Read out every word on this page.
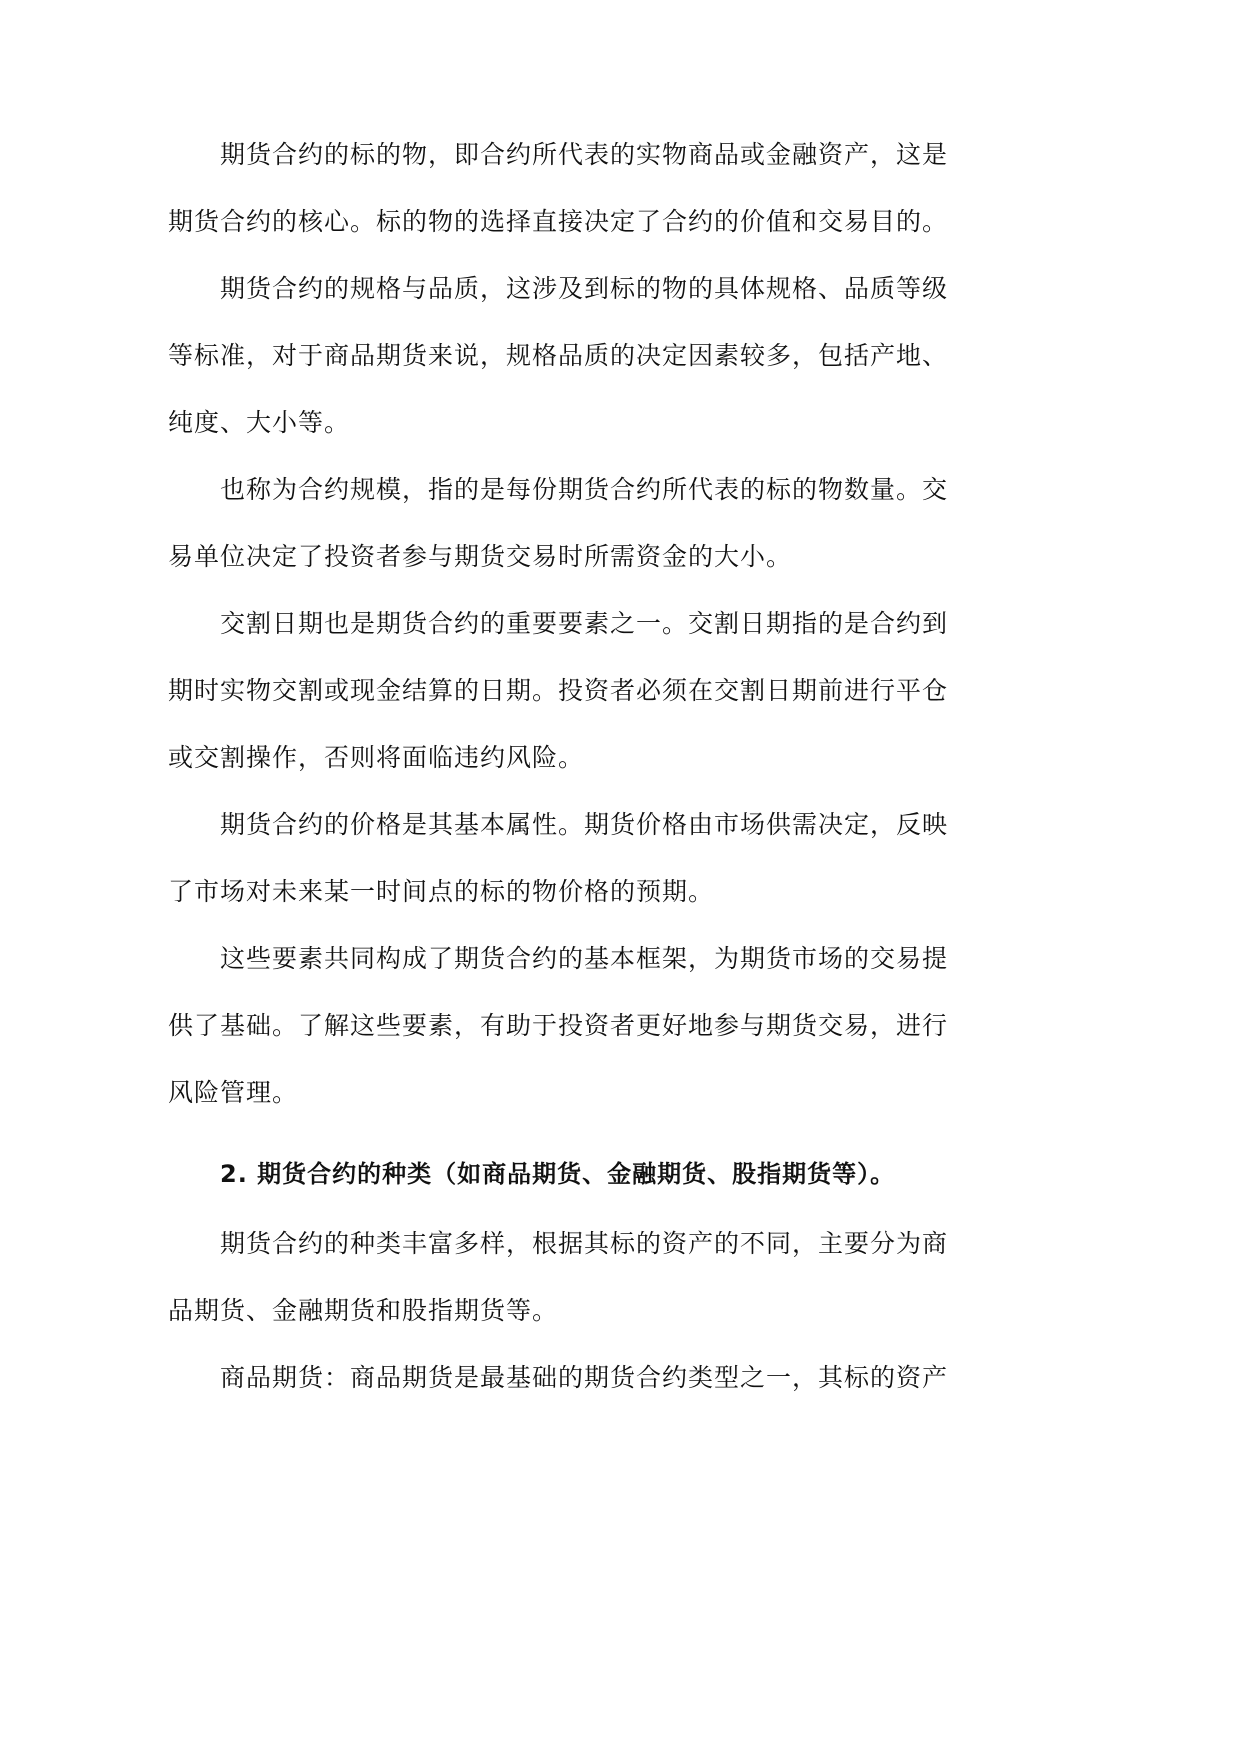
期货合约的标的物，即合约所代表的实物商品或金融资产，这是期货合约的核心。标的物的选择直接决定了合约的价值和交易目的。

期货合约的规格与品质，这涉及到标的物的具体规格、品质等级等标准，对于商品期货来说，规格品质的决定因素较多，包括产地、纯度、大小等。

也称为合约规模，指的是每份期货合约所代表的标的物数量。交易单位决定了投资者参与期货交易时所需资金的大小。

交割日期也是期货合约的重要要素之一。交割日期指的是合约到期时实物交割或现金结算的日期。投资者必须在交割日期前进行平仓或交割操作，否则将面临违约风险。

期货合约的价格是其基本属性。期货价格由市场供需决定，反映了市场对未来某一时间点的标的物价格的预期。

这些要素共同构成了期货合约的基本框架，为期货市场的交易提供了基础。了解这些要素，有助于投资者更好地参与期货交易，进行风险管理。

2. 期货合约的种类（如商品期货、金融期货、股指期货等）。

期货合约的种类丰富多样，根据其标的资产的不同，主要分为商品期货、金融期货和股指期货等。

商品期货：商品期货是最基础的期货合约类型之一，其标的资产
